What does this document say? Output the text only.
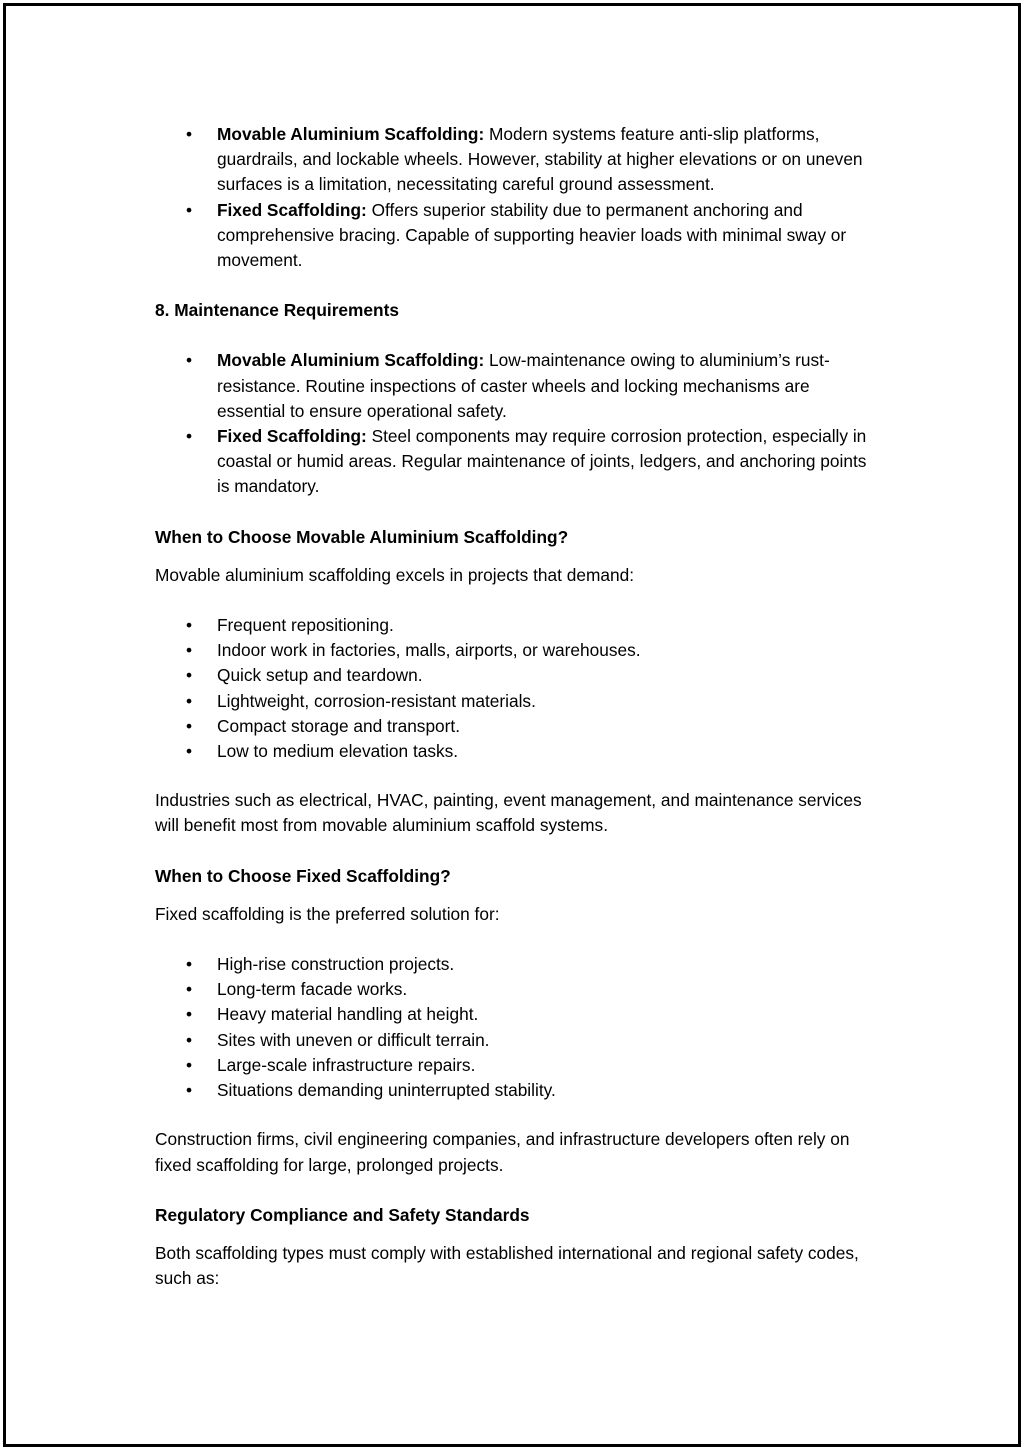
• Movable Aluminium Scaffolding: Modern systems feature anti-slip platforms, guardrails, and lockable wheels. However, stability at higher elevations or on uneven surfaces is a limitation, necessitating careful ground assessment.
• Fixed Scaffolding: Offers superior stability due to permanent anchoring and comprehensive bracing. Capable of supporting heavier loads with minimal sway or movement.

8. Maintenance Requirements

• Movable Aluminium Scaffolding: Low-maintenance owing to aluminium’s rust-resistance. Routine inspections of caster wheels and locking mechanisms are essential to ensure operational safety.
• Fixed Scaffolding: Steel components may require corrosion protection, especially in coastal or humid areas. Regular maintenance of joints, ledgers, and anchoring points is mandatory.

When to Choose Movable Aluminium Scaffolding?

Movable aluminium scaffolding excels in projects that demand:

• Frequent repositioning.
• Indoor work in factories, malls, airports, or warehouses.
• Quick setup and teardown.
• Lightweight, corrosion-resistant materials.
• Compact storage and transport.
• Low to medium elevation tasks.

Industries such as electrical, HVAC, painting, event management, and maintenance services will benefit most from movable aluminium scaffold systems.

When to Choose Fixed Scaffolding?

Fixed scaffolding is the preferred solution for:

• High-rise construction projects.
• Long-term facade works.
• Heavy material handling at height.
• Sites with uneven or difficult terrain.
• Large-scale infrastructure repairs.
• Situations demanding uninterrupted stability.

Construction firms, civil engineering companies, and infrastructure developers often rely on fixed scaffolding for large, prolonged projects.

Regulatory Compliance and Safety Standards

Both scaffolding types must comply with established international and regional safety codes, such as:
